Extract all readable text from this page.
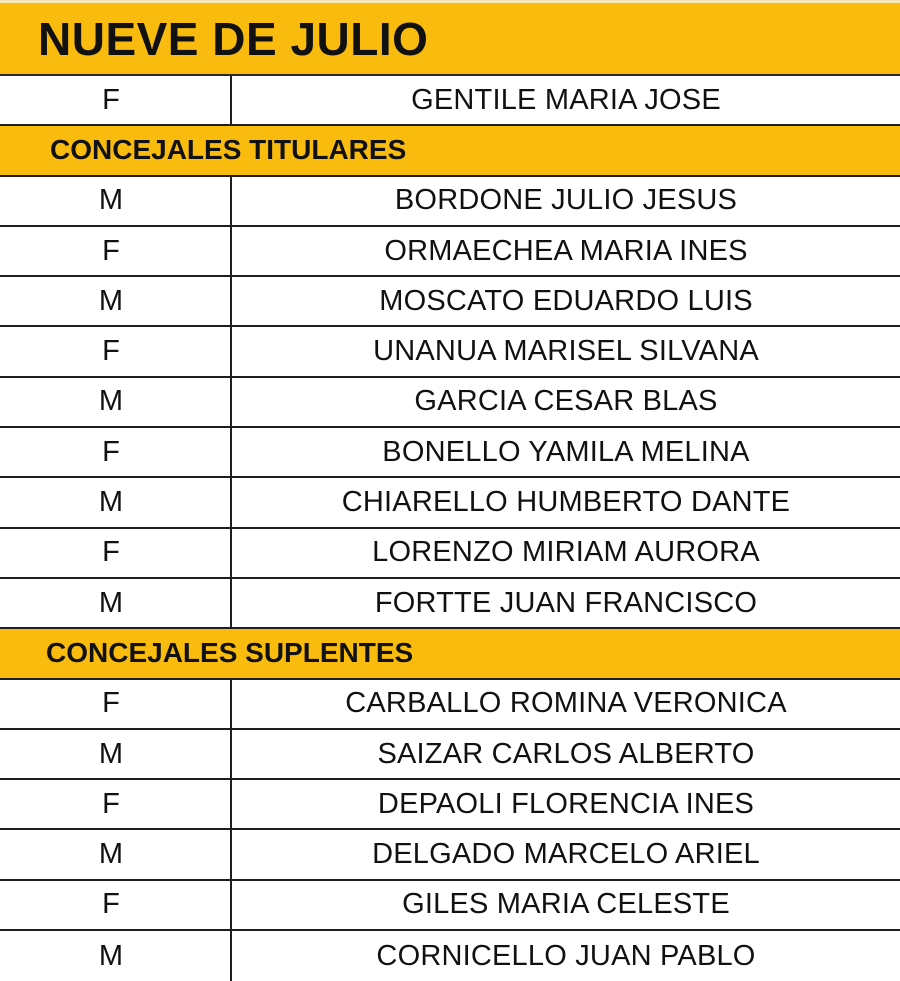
NUEVE DE JULIO
F	GENTILE MARIA JOSE
CONCEJALES TITULARES
M	BORDONE JULIO JESUS
F	ORMAECHEA MARIA INES
M	MOSCATO EDUARDO LUIS
F	UNANUA MARISEL SILVANA
M	GARCIA CESAR BLAS
F	BONELLO YAMILA MELINA
M	CHIARELLO HUMBERTO DANTE
F	LORENZO MIRIAM AURORA
M	FORTTE JUAN FRANCISCO
CONCEJALES SUPLENTES
F	CARBALLO ROMINA VERONICA
M	SAIZAR CARLOS ALBERTO
F	DEPAOLI FLORENCIA INES
M	DELGADO MARCELO ARIEL
F	GILES MARIA CELESTE
M	CORNICELLO JUAN PABLO
